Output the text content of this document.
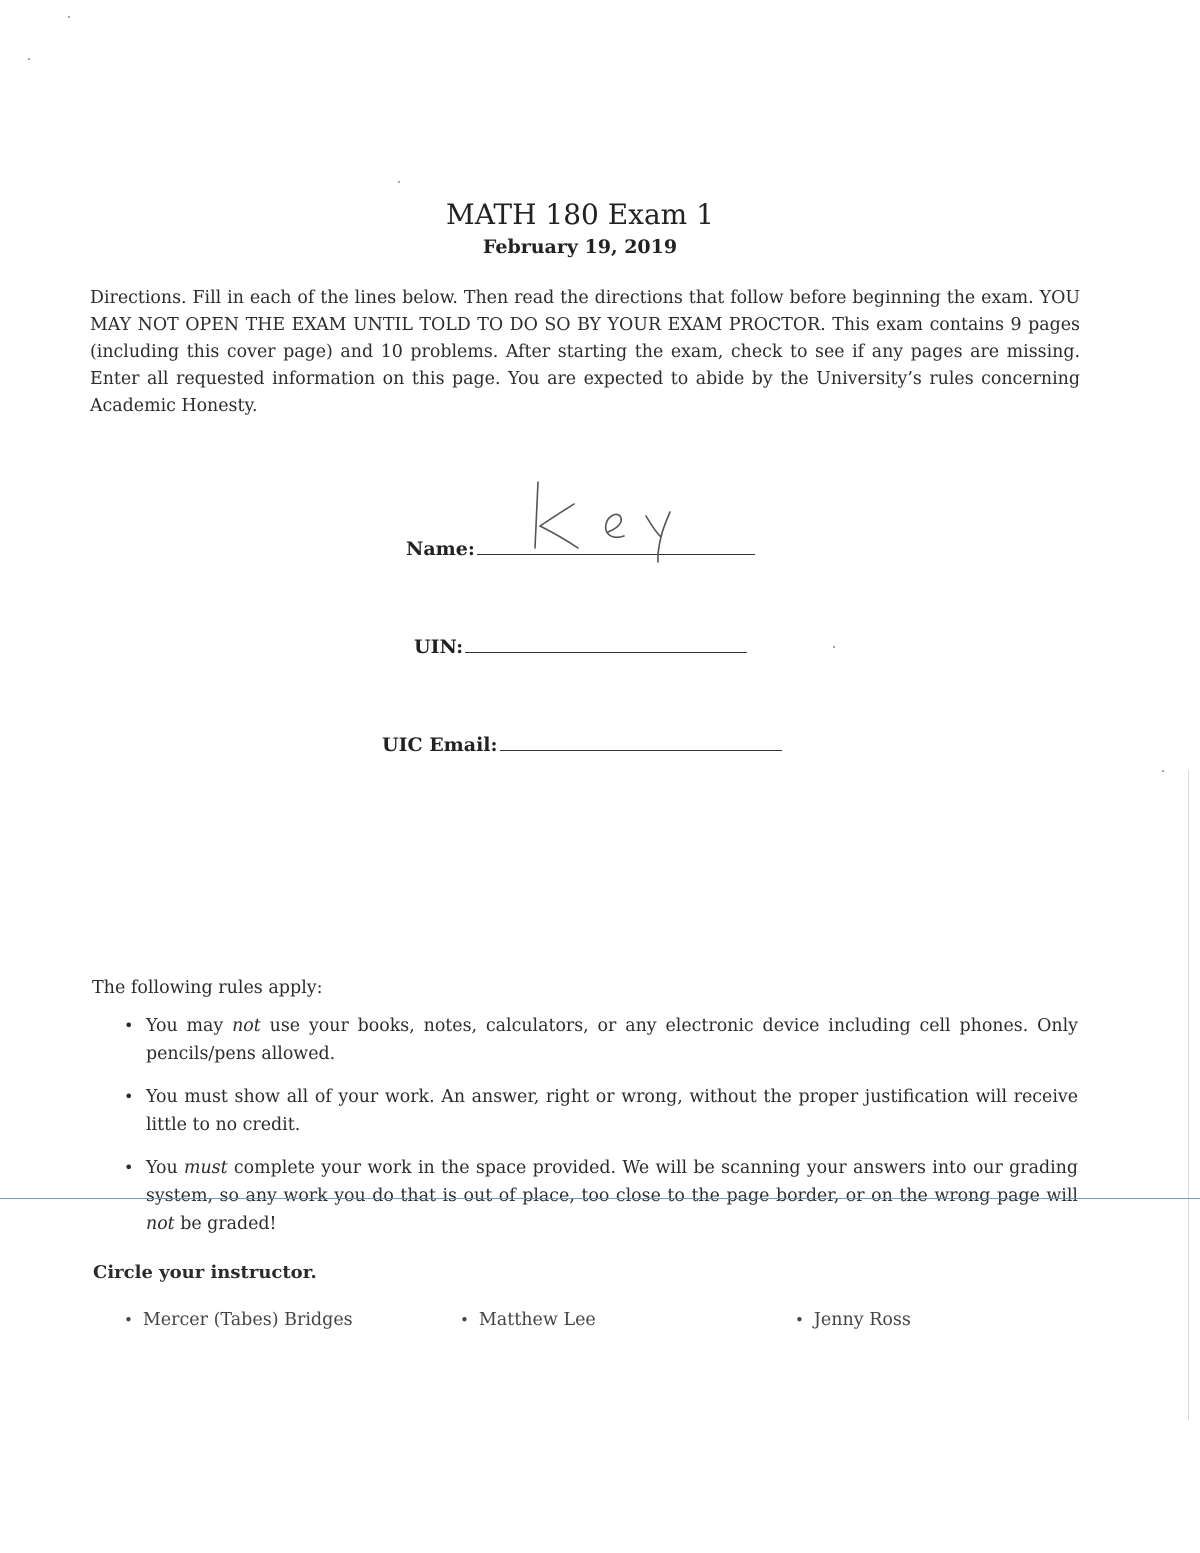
MATH 180 Exam 1
February 19, 2019
Directions. Fill in each of the lines below. Then read the directions that follow before beginning the exam. YOU MAY NOT OPEN THE EXAM UNTIL TOLD TO DO SO BY YOUR EXAM PROCTOR. This exam contains 9 pages (including this cover page) and 10 problems. After starting the exam, check to see if any pages are missing. Enter all requested information on this page. You are expected to abide by the University’s rules concerning Academic Honesty.
Name:
UIN:
UIC Email:
The following rules apply:
• You may not use your books, notes, calculators, or any electronic device including cell phones. Only pencils/pens allowed.
• You must show all of your work. An answer, right or wrong, without the proper justification will receive little to no credit.
• You must complete your work in the space provided. We will be scanning your answers into our grading system, so any work you do that is out of place, too close to the page border, or on the wrong page will not be graded!
Circle your instructor.
• Mercer (Tabes) Bridges	• Matthew Lee	• Jenny Ross
